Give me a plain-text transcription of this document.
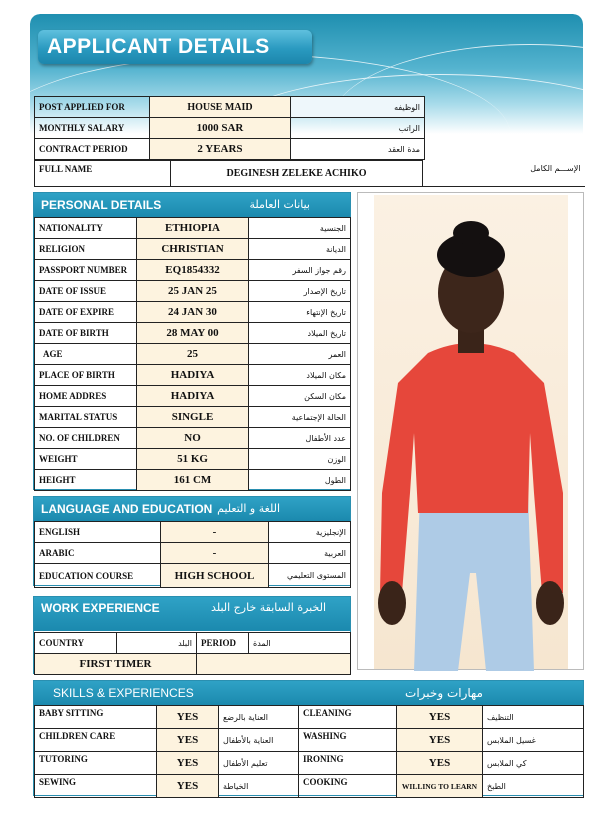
APPLICANT DETAILS
POST APPLIED FOR	HOUSE MAID	الوظيفه
MONTHLY SALARY	1000 SAR	الراتب
CONTRACT PERIOD	2 YEARS	مدة العقد
FULL NAME	DEGINESH ZELEKE ACHIKO	الإســـم الكامل
PERSONAL DETAILS	بيانات العاملة
NATIONALITY	ETHIOPIA	الجنسية
RELIGION	CHRISTIAN	الديانة
PASSPORT NUMBER	EQ1854332	رقم جواز السفر
DATE OF ISSUE	25 JAN 25	تاريخ الإصدار
DATE OF EXPIRE	24 JAN 30	تاريخ الإنتهاء
DATE OF BIRTH	28 MAY 00	تاريخ الميلاد
AGE	25	العمر
PLACE OF BIRTH	HADIYA	مكان الميلاد
HOME ADDRES	HADIYA	مكان السكن
MARITAL STATUS	SINGLE	الحالة الإجتماعية
NO. OF CHILDREN	NO	عدد الأطفال
WEIGHT	51 KG	الوزن
HEIGHT	161 CM	الطول
LANGUAGE AND EDUCATION اللغة و التعليم
ENGLISH	-	الإنجليزية
ARABIC	-	العربية
EDUCATION COURSE	HIGH SCHOOL	المستوى التعليمي
WORK EXPERIENCE	الخبرة السابقة خارج البلد
COUNTRY	البلد	PERIOD	المدة
FIRST TIMER			
SKILLS & EXPERIENCES	مهارات وخبرات
BABY SITTING	YES	العناية بالرضع	CLEANING	YES	التنظيف
CHILDREN CARE	YES	العناية بالأطفال	WASHING	YES	غسيل الملابس
TUTORING	YES	تعليم الأطفال	IRONING	YES	كي الملابس
SEWING	YES	الخياطة	COOKING	WILLING TO LEARN	الطبخ
